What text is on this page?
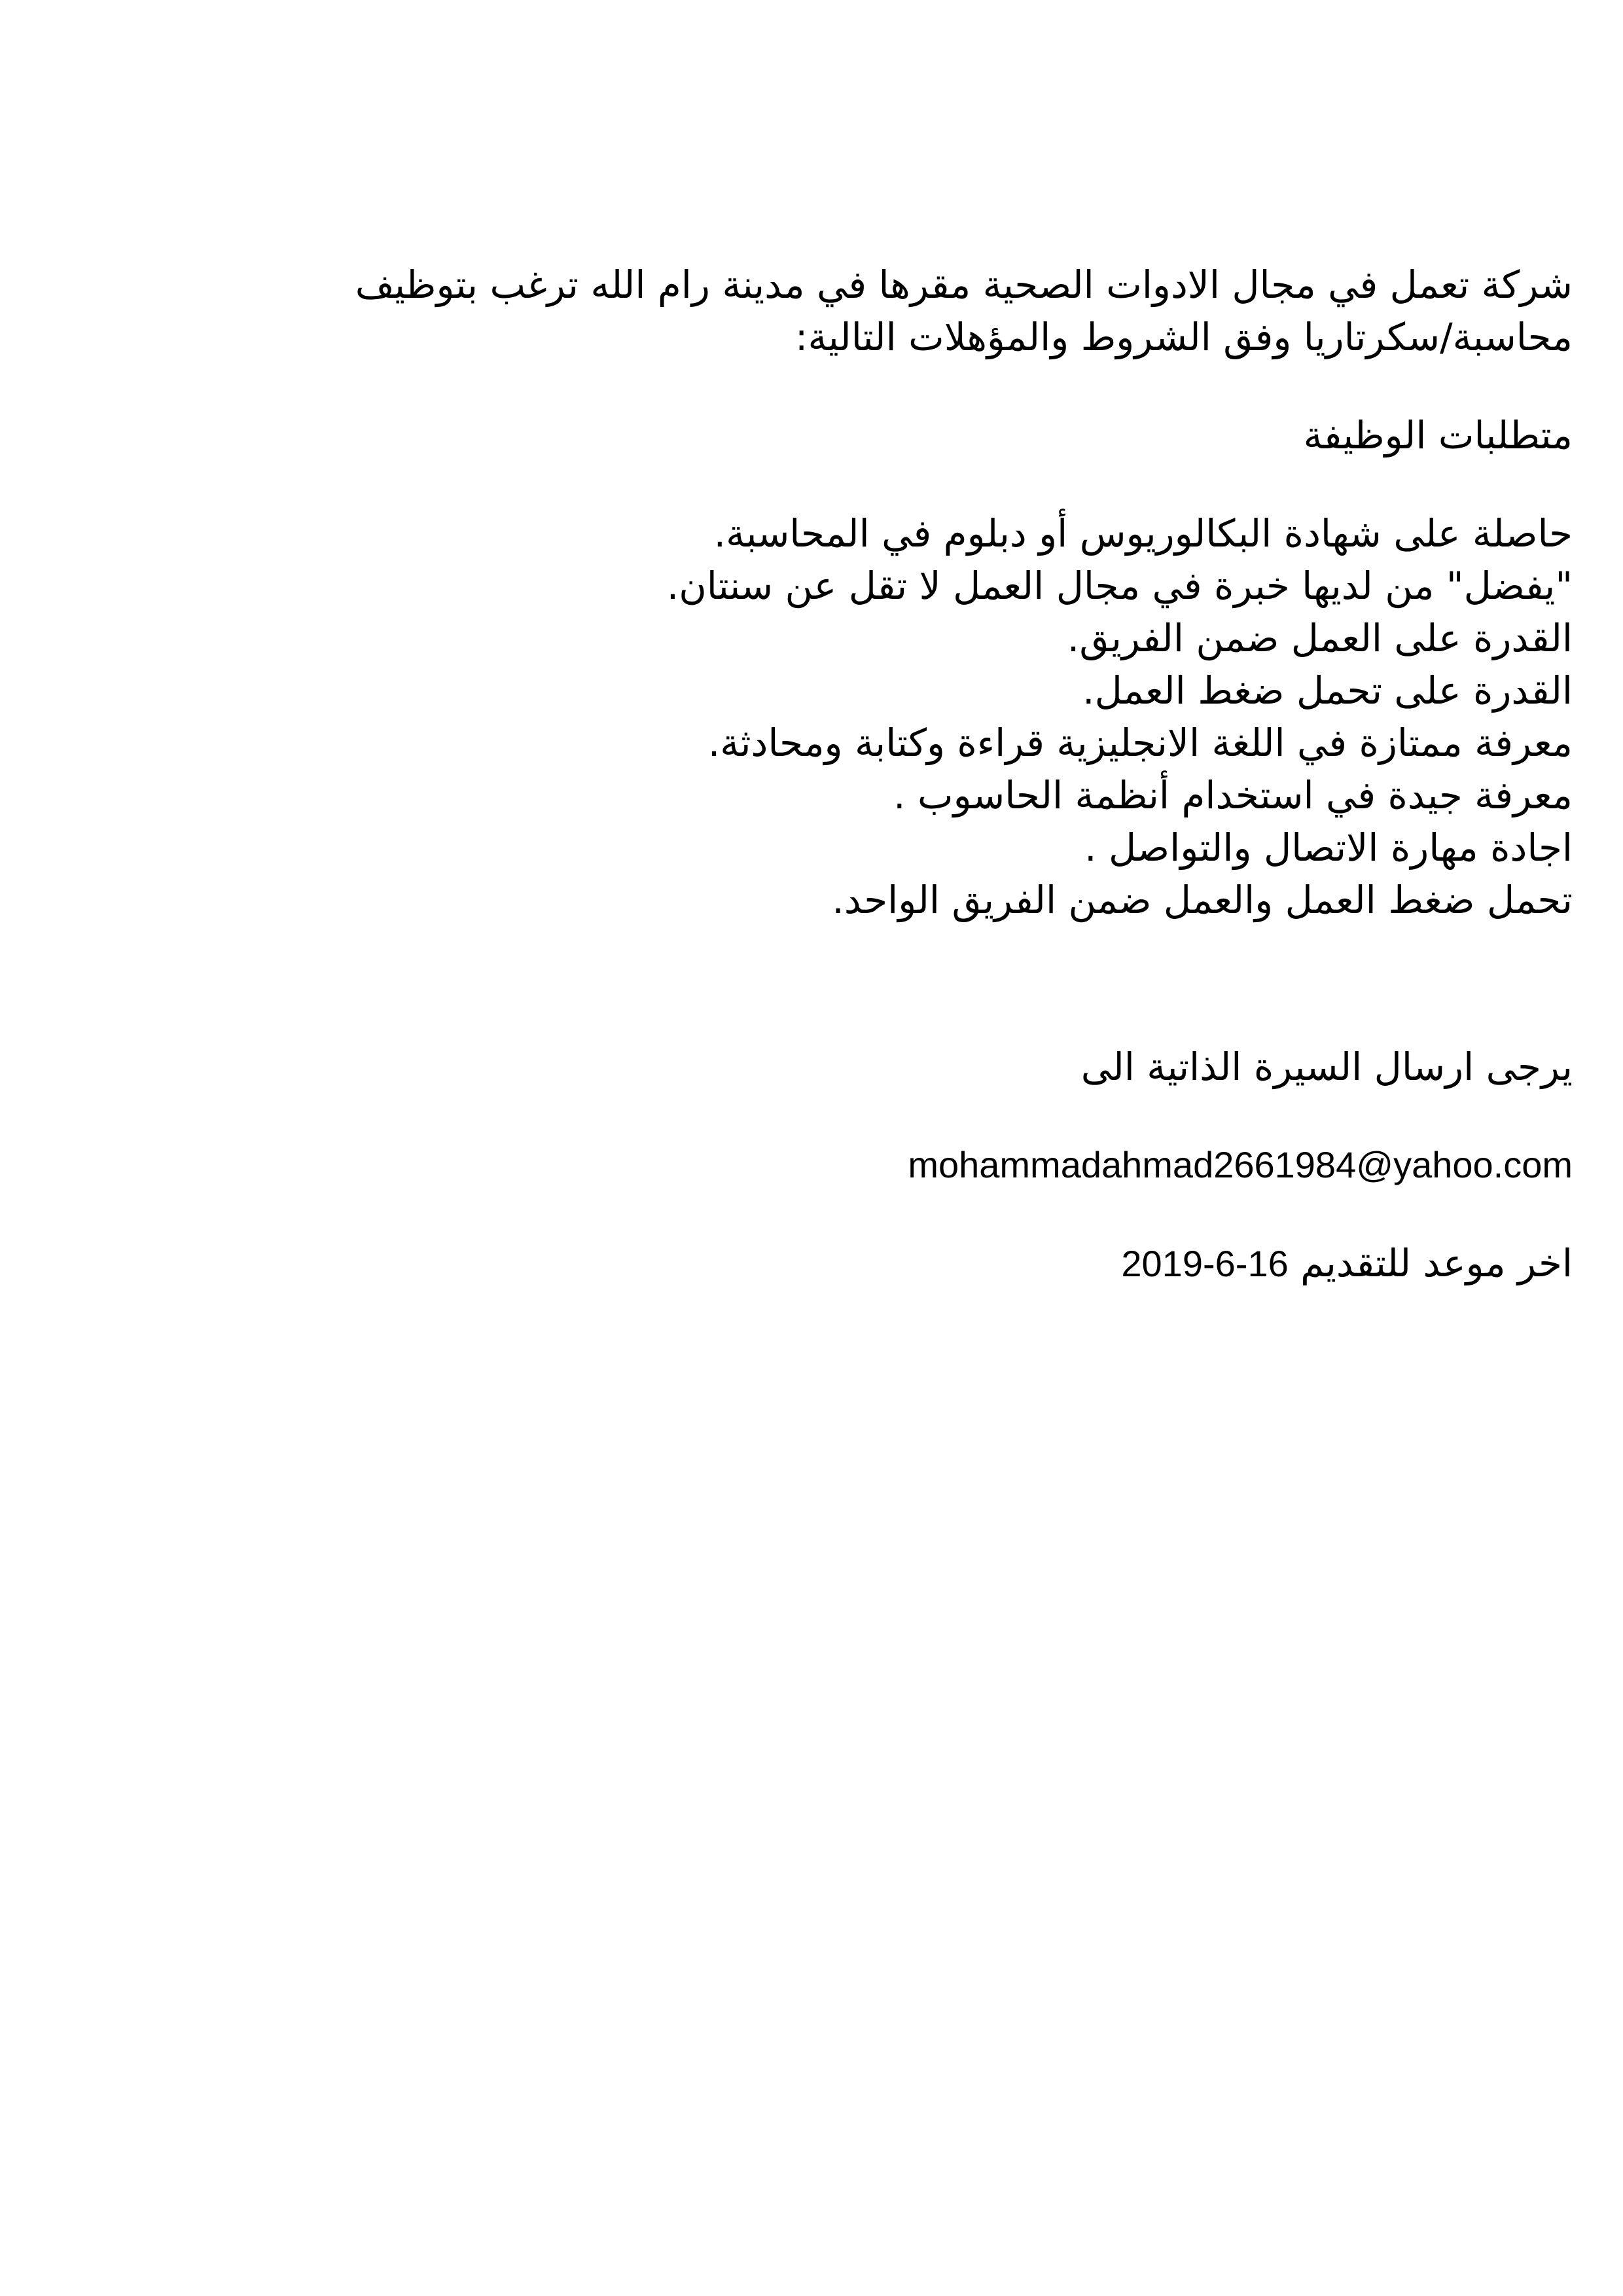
شركة تعمل في مجال الادوات الصحية مقرها في مدينة رام الله ترغب بتوظيف

محاسبة/سكرتاريا وفق الشروط والمؤهلات التالية:

متطلبات الوظيفة

حاصلة على شهادة البكالوريوس أو دبلوم في المحاسبة.
"يفضل" من لديها خبرة في مجال العمل لا تقل عن سنتان.
القدرة على العمل ضمن الفريق.
القدرة على تحمل ضغط العمل.
معرفة ممتازة في اللغة الانجليزية قراءة وكتابة ومحادثة.
معرفة جيدة في استخدام أنظمة الحاسوب .
اجادة مهارة الاتصال والتواصل .
تحمل ضغط العمل والعمل ضمن الفريق الواحد.

يرجى ارسال السيرة الذاتية الى

mohammadahmad2661984@yahoo.com

اخر موعد للتقديم 16-6-2019
